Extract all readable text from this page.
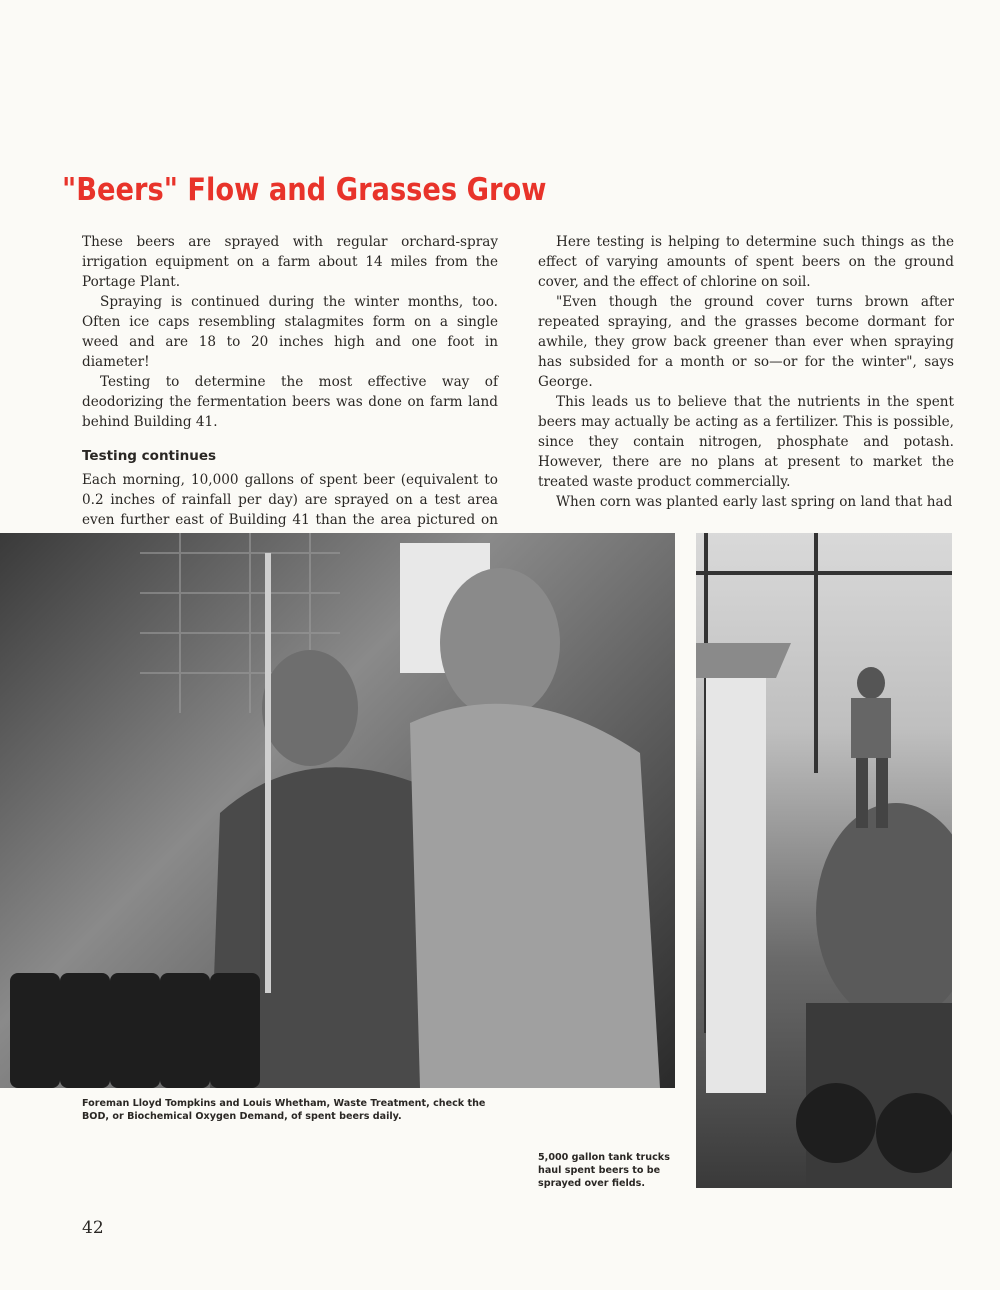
"Beers" Flow and Grasses Grow

These beers are sprayed with regular orchard-spray irrigation equipment on a farm about 14 miles from the Portage Plant.

Spraying is continued during the winter months, too. Often ice caps resembling stalagmites form on a single weed and are 18 to 20 inches high and one foot in diameter!

Testing to determine the most effective way of deodorizing the fermentation beers was done on farm land behind Building 41.

Testing continues

Each morning, 10,000 gallons of spent beer (equivalent to 0.2 inches of rainfall per day) are sprayed on a test area even further east of Building 41 than the area pictured on

Here testing is helping to determine such things as the effect of varying amounts of spent beers on the ground cover, and the effect of chlorine on soil.

"Even though the ground cover turns brown after repeated spraying, and the grasses become dormant for awhile, they grow back greener than ever when spraying has subsided for a month or so—or for the winter", says George.

This leads us to believe that the nutrients in the spent beers may actually be acting as a fertilizer. This is possible, since they contain nitrogen, phosphate and potash. However, there are no plans at present to market the treated waste product commercially.

When corn was planted early last spring on land that had

Foreman Lloyd Tompkins and Louis Whetham, Waste Treatment, check the BOD, or Biochemical Oxygen Demand, of spent beers daily.
5,000 gallon tank trucks haul spent beers to be sprayed over fields.
42
